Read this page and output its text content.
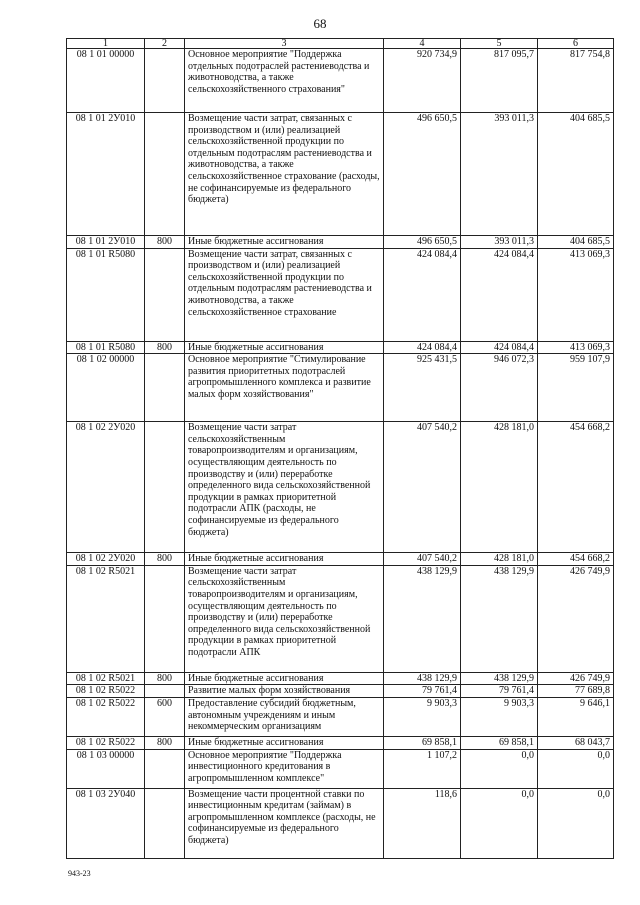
68
1	2	3	4	5	6
08 1 01 00000		Основное мероприятие "Поддержка отдельных подотраслей растениеводства и животноводства, а также сельскохозяйственного страхования"	920 734,9	817 095,7	817 754,8
08 1 01 2У010		Возмещение части затрат, связанных с производством и (или) реализацией сельскохозяйственной продукции по отдельным подотраслям растениеводства и животноводства, а также сельскохозяйственное страхование (расходы, не софинансируемые из федерального бюджета)	496 650,5	393 011,3	404 685,5
08 1 01 2У010	800	Иные бюджетные ассигнования	496 650,5	393 011,3	404 685,5
08 1 01 R5080		Возмещение части затрат, связанных с производством и (или) реализацией сельскохозяйственной продукции по отдельным подотраслям растениеводства и животноводства, а также сельскохозяйственное страхование	424 084,4	424 084,4	413 069,3
08 1 01 R5080	800	Иные бюджетные ассигнования	424 084,4	424 084,4	413 069,3
08 1 02 00000		Основное мероприятие "Стимулирование развития приоритетных подотраслей агропромышленного комплекса и развитие малых форм хозяйствования"	925 431,5	946 072,3	959 107,9
08 1 02 2У020		Возмещение части затрат сельскохозяйственным товаропроизводителям и организациям, осуществляющим деятельность по производству и (или) переработке определенного вида сельскохозяйственной продукции в рамках приоритетной подотрасли АПК (расходы, не софинансируемые из федерального бюджета)	407 540,2	428 181,0	454 668,2
08 1 02 2У020	800	Иные бюджетные ассигнования	407 540,2	428 181,0	454 668,2
08 1 02 R5021		Возмещение части затрат сельскохозяйственным товаропроизводителям и организациям, осуществляющим деятельность по производству и (или) переработке определенного вида сельскохозяйственной продукции в рамках приоритетной подотрасли АПК	438 129,9	438 129,9	426 749,9
08 1 02 R5021	800	Иные бюджетные ассигнования	438 129,9	438 129,9	426 749,9
08 1 02 R5022		Развитие малых форм хозяйствования	79 761,4	79 761,4	77 689,8
08 1 02 R5022	600	Предоставление субсидий бюджетным, автономным учреждениям и иным некоммерческим организациям	9 903,3	9 903,3	9 646,1
08 1 02 R5022	800	Иные бюджетные ассигнования	69 858,1	69 858,1	68 043,7
08 1 03 00000		Основное мероприятие "Поддержка инвестиционного кредитования в агропромышленном комплексе"	1 107,2	0,0	0,0
08 1 03 2У040		Возмещение части процентной ставки по инвестиционным кредитам (займам) в агропромышленном комплексе (расходы, не софинансируемые из федерального бюджета)	118,6	0,0	0,0
943-23
